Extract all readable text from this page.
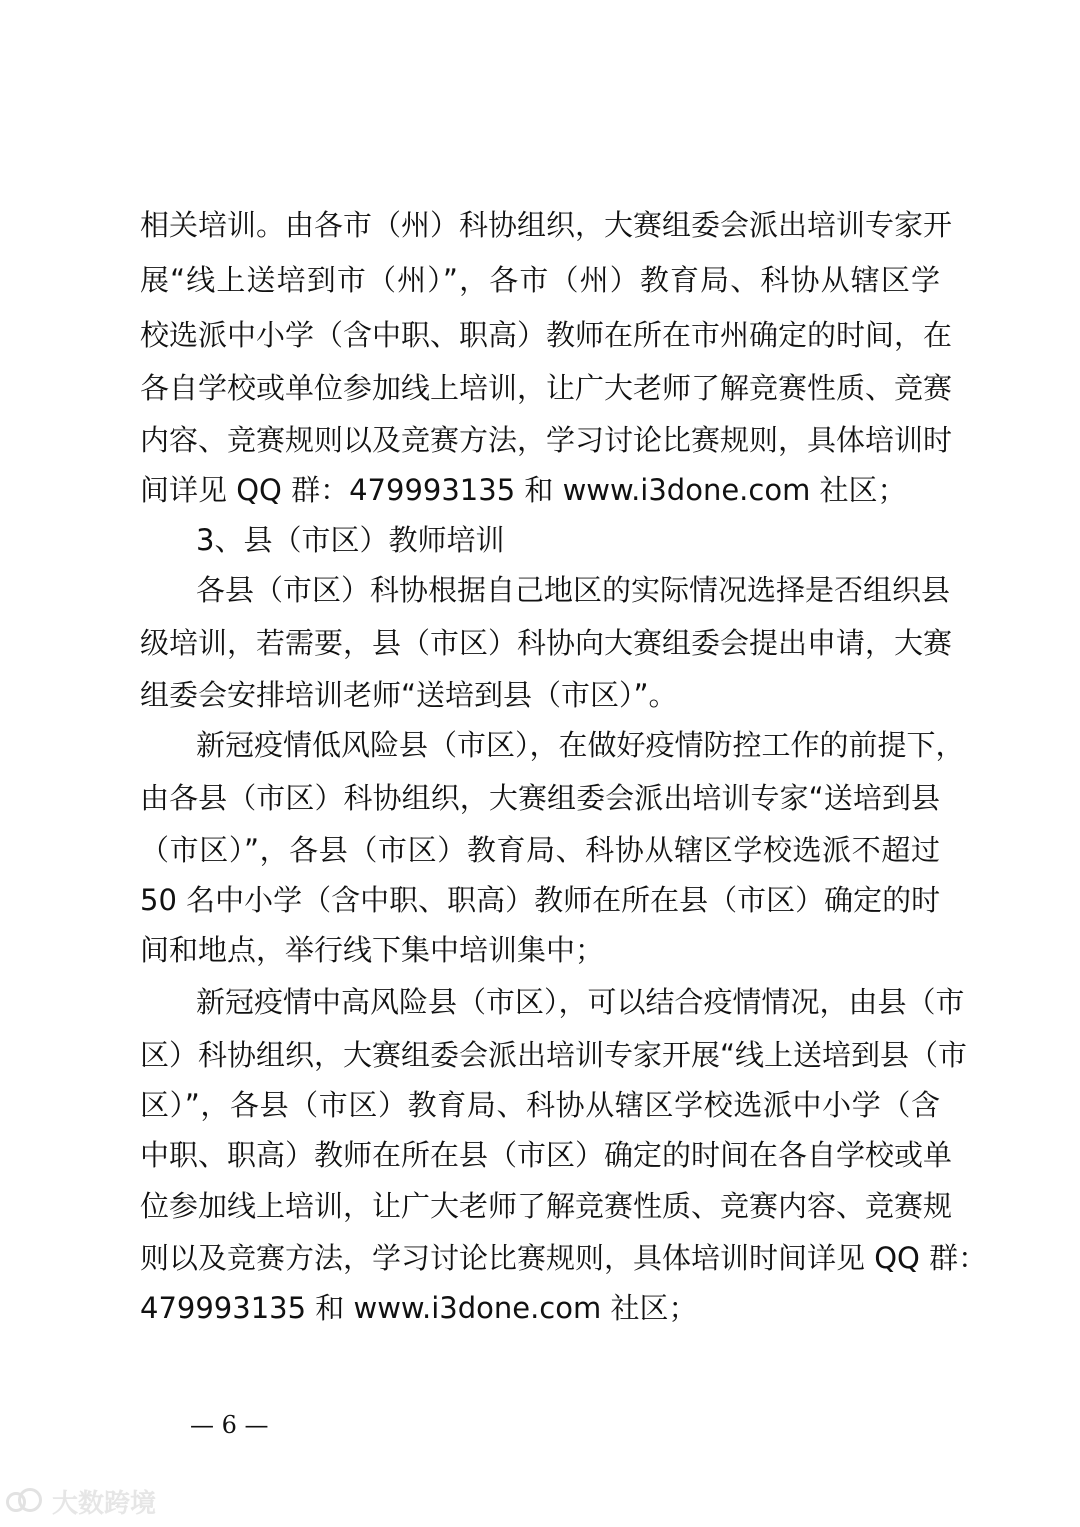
相关培训。由各市（州）科协组织，大赛组委会派出培训专家开
展“线上送培到市（州）”，各市（州）教育局、科协从辖区学
校选派中小学（含中职、职高）教师在所在市州确定的时间，在
各自学校或单位参加线上培训，让广大老师了解竞赛性质、竞赛
内容、竞赛规则以及竞赛方法，学习讨论比赛规则，具体培训时
间详见 QQ 群：479993135 和 www.i3done.com 社区；
3、县（市区）教师培训
各县（市区）科协根据自己地区的实际情况选择是否组织县
级培训，若需要，县（市区）科协向大赛组委会提出申请，大赛
组委会安排培训老师“送培到县（市区）”。
新冠疫情低风险县（市区），在做好疫情防控工作的前提下，
由各县（市区）科协组织，大赛组委会派出培训专家“送培到县
（市区）”，各县（市区）教育局、科协从辖区学校选派不超过
50 名中小学（含中职、职高）教师在所在县（市区）确定的时
间和地点，举行线下集中培训集中；
新冠疫情中高风险县（市区），可以结合疫情情况，由县（市
区）科协组织，大赛组委会派出培训专家开展“线上送培到县（市
区）”，各县（市区）教育局、科协从辖区学校选派中小学（含
中职、职高）教师在所在县（市区）确定的时间在各自学校或单
位参加线上培训，让广大老师了解竞赛性质、竞赛内容、竞赛规
则以及竞赛方法，学习讨论比赛规则，具体培训时间详见 QQ 群：
479993135 和 www.i3done.com 社区；
— 6 —
大数跨境
